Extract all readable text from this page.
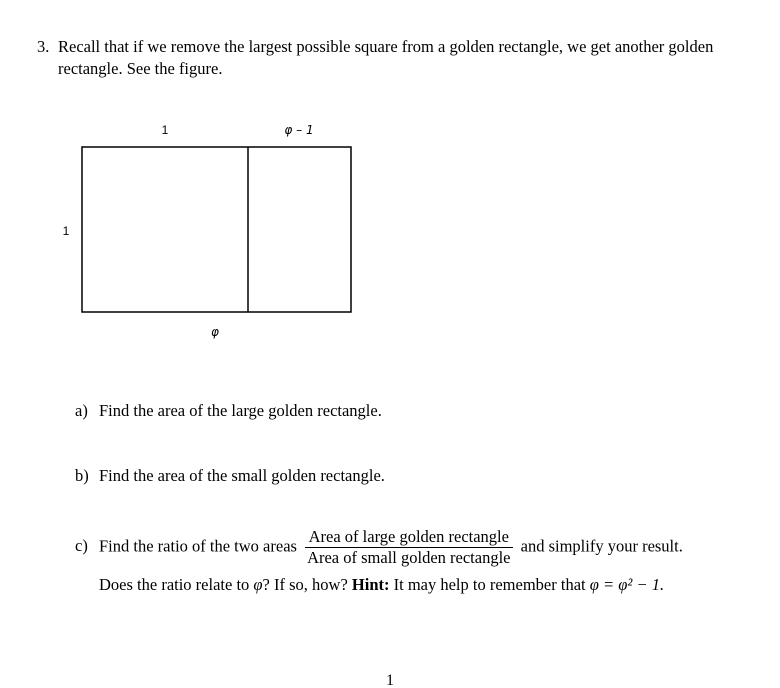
3. Recall that if we remove the largest possible square from a golden rectangle, we get another golden rectangle. See the figure.
1	φ – 1
1
φ
a) Find the area of the large golden rectangle.
b) Find the area of the small golden rectangle.
c) Find the ratio of the two areas $\frac{\text{Area of large golden rectangle}}{\text{Area of small golden rectangle}}$ and simplify your result.
Does the ratio relate to φ? If so, how? Hint: It may help to remember that φ = φ² − 1.
1
